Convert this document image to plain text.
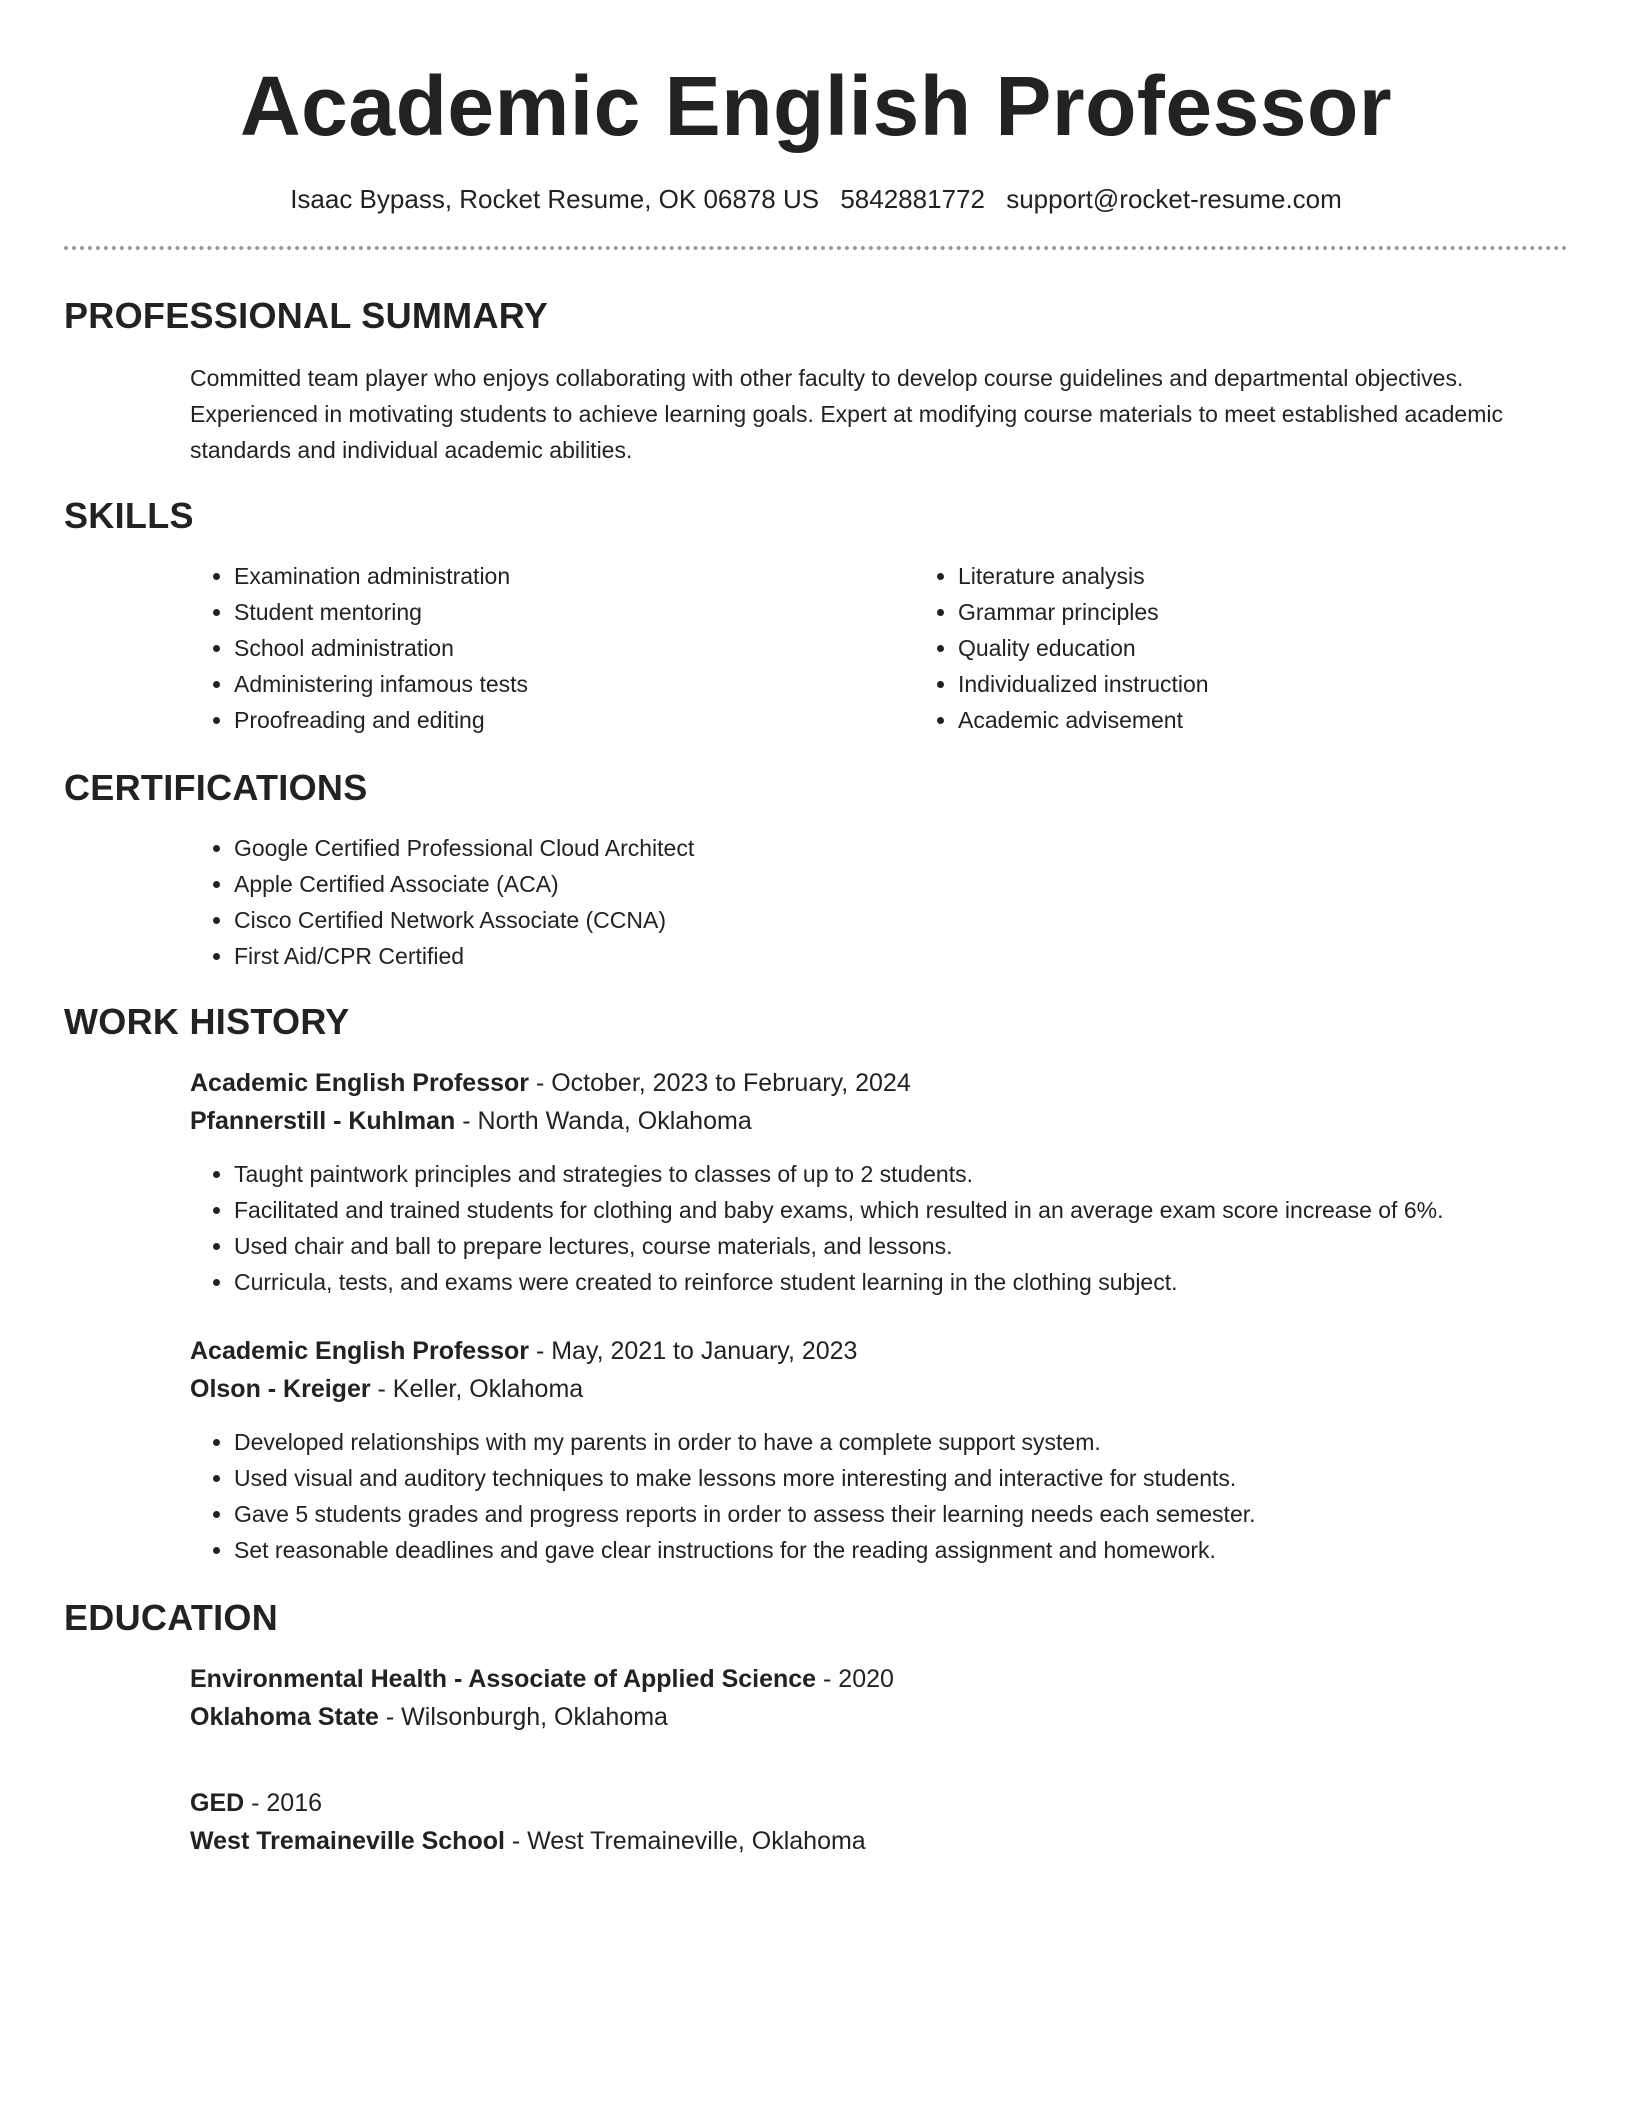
Academic English Professor
Isaac Bypass, Rocket Resume, OK 06878 US 5842881772 support@rocket-resume.com
PROFESSIONAL SUMMARY

Committed team player who enjoys collaborating with other faculty to develop course guidelines and departmental objectives. Experienced in motivating students to achieve learning goals. Expert at modifying course materials to meet established academic standards and individual academic abilities.

SKILLS
• Examination administration
• Student mentoring
• School administration
• Administering infamous tests
• Proofreading and editing
• Literature analysis
• Grammar principles
• Quality education
• Individualized instruction
• Academic advisement
CERTIFICATIONS
• Google Certified Professional Cloud Architect
• Apple Certified Associate (ACA)
• Cisco Certified Network Associate (CCNA)
• First Aid/CPR Certified
WORK HISTORY
Academic English Professor - October, 2023 to February, 2024
Pfannerstill - Kuhlman - North Wanda, Oklahoma
• Taught paintwork principles and strategies to classes of up to 2 students.
• Facilitated and trained students for clothing and baby exams, which resulted in an average exam score increase of 6%.
• Used chair and ball to prepare lectures, course materials, and lessons.
• Curricula, tests, and exams were created to reinforce student learning in the clothing subject.
Academic English Professor - May, 2021 to January, 2023
Olson - Kreiger - Keller, Oklahoma
• Developed relationships with my parents in order to have a complete support system.
• Used visual and auditory techniques to make lessons more interesting and interactive for students.
• Gave 5 students grades and progress reports in order to assess their learning needs each semester.
• Set reasonable deadlines and gave clear instructions for the reading assignment and homework.
EDUCATION
Environmental Health - Associate of Applied Science - 2020
Oklahoma State - Wilsonburgh, Oklahoma
GED - 2016
West Tremaineville School - West Tremaineville, Oklahoma
